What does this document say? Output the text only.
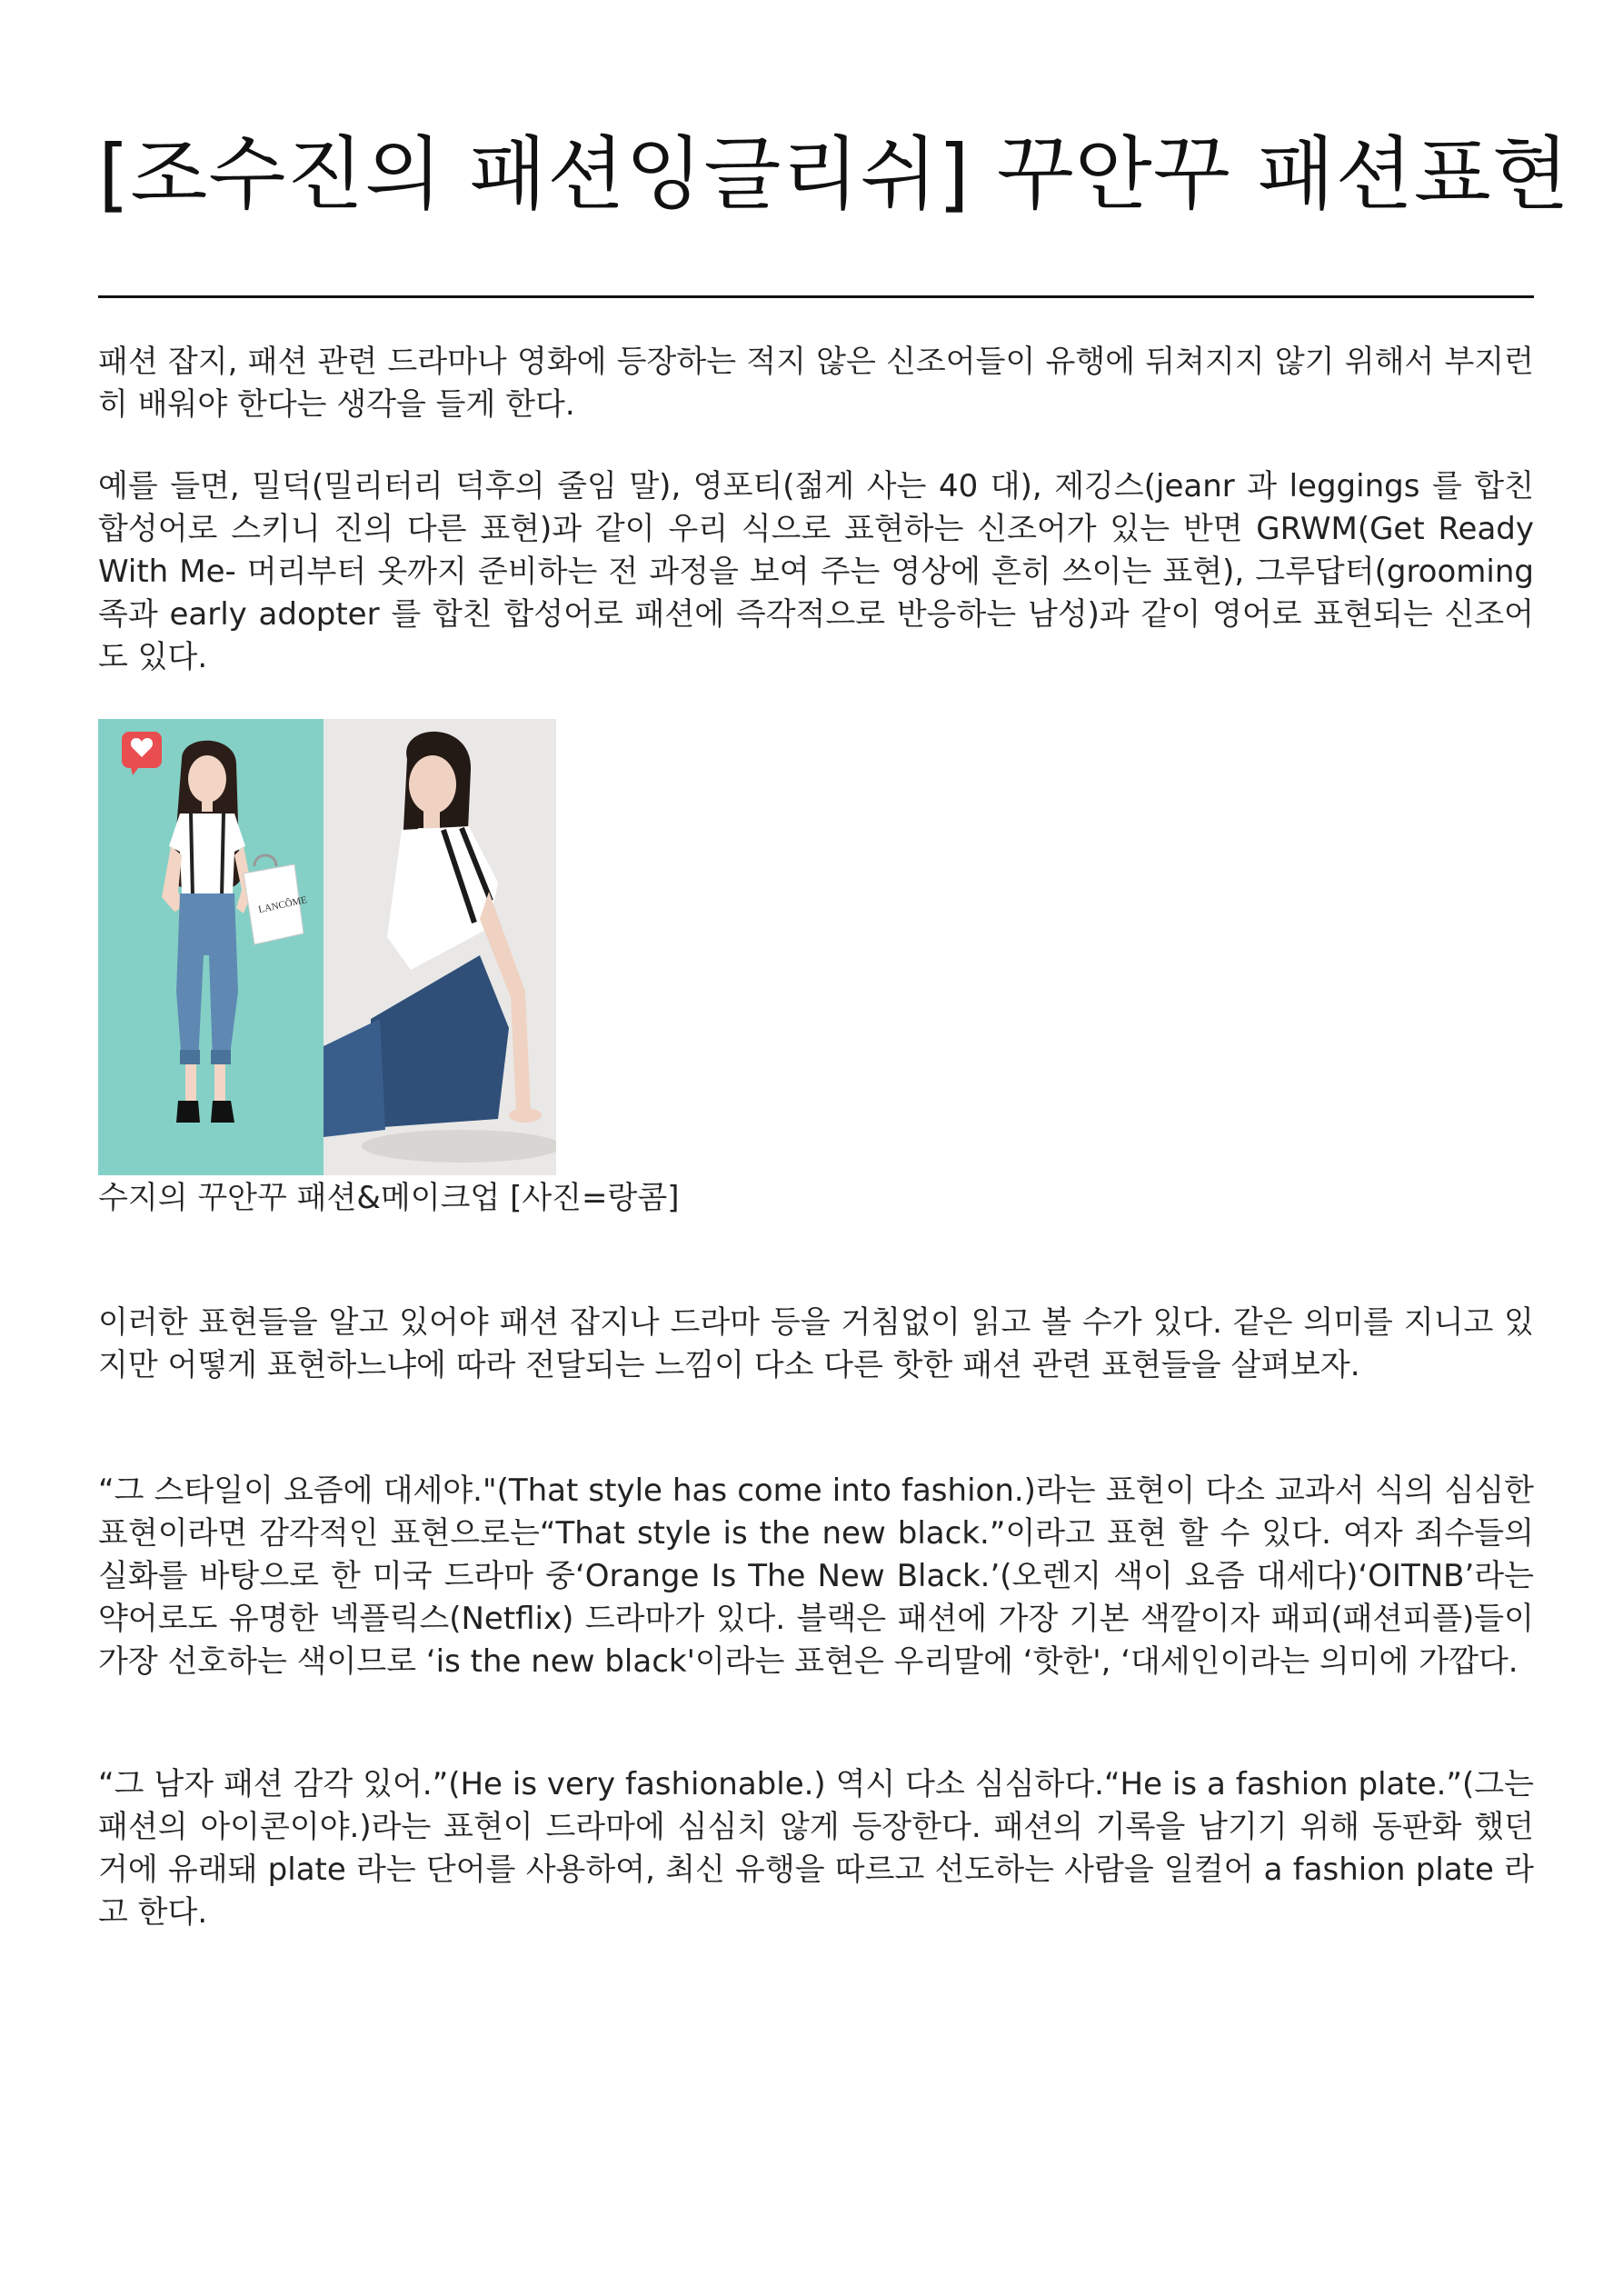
[조수진의 패션잉글리쉬] 꾸안꾸 패션표현

패션 잡지, 패션 관련 드라마나 영화에 등장하는 적지 않은 신조어들이 유행에 뒤쳐지지 않기 위해서 부지런히 배워야 한다는 생각을 들게 한다.

예를 들면, 밀덕(밀리터리 덕후의 줄임 말), 영포티(젊게 사는 40 대), 제깅스(jeanr 과 leggings 를 합친 합성어로 스키니 진의 다른 표현)과 같이 우리 식으로 표현하는 신조어가 있는 반면 GRWM(Get Ready With Me- 머리부터 옷까지 준비하는 전 과정을 보여 주는 영상에 흔히 쓰이는 표현), 그루답터(grooming 족과 early adopter 를 합친 합성어로 패션에 즉각적으로 반응하는 남성)과 같이 영어로 표현되는 신조어도 있다.

LANCÔME

수지의 꾸안꾸 패션&메이크업 [사진=랑콤]

이러한 표현들을 알고 있어야 패션 잡지나 드라마 등을 거침없이 읽고 볼 수가 있다. 같은 의미를 지니고 있지만 어떻게 표현하느냐에 따라 전달되는 느낌이 다소 다른 핫한 패션 관련 표현들을 살펴보자.

“그 스타일이 요즘에 대세야."(That style has come into fashion.)라는 표현이 다소 교과서 식의 심심한 표현이라면 감각적인 표현으로는“That style is the new black.”이라고 표현 할 수 있다. 여자 죄수들의 실화를 바탕으로 한 미국 드라마 중‘Orange Is The New Black.’(오렌지 색이 요즘 대세다)‘OITNB’라는 약어로도 유명한 넥플릭스(Netflix) 드라마가 있다. 블랙은 패션에 가장 기본 색깔이자 패피(패션피플)들이 가장 선호하는 색이므로 ‘is the new black'이라는 표현은 우리말에 ‘핫한', ‘대세인이라는 의미에 가깝다.

“그 남자 패션 감각 있어.”(He is very fashionable.) 역시 다소 심심하다.“He is a fashion plate.”(그는 패션의 아이콘이야.)라는 표현이 드라마에 심심치 않게 등장한다. 패션의 기록을 남기기 위해 동판화 했던 거에 유래돼 plate 라는 단어를 사용하여, 최신 유행을 따르고 선도하는 사람을 일컬어 a fashion plate 라고 한다.
